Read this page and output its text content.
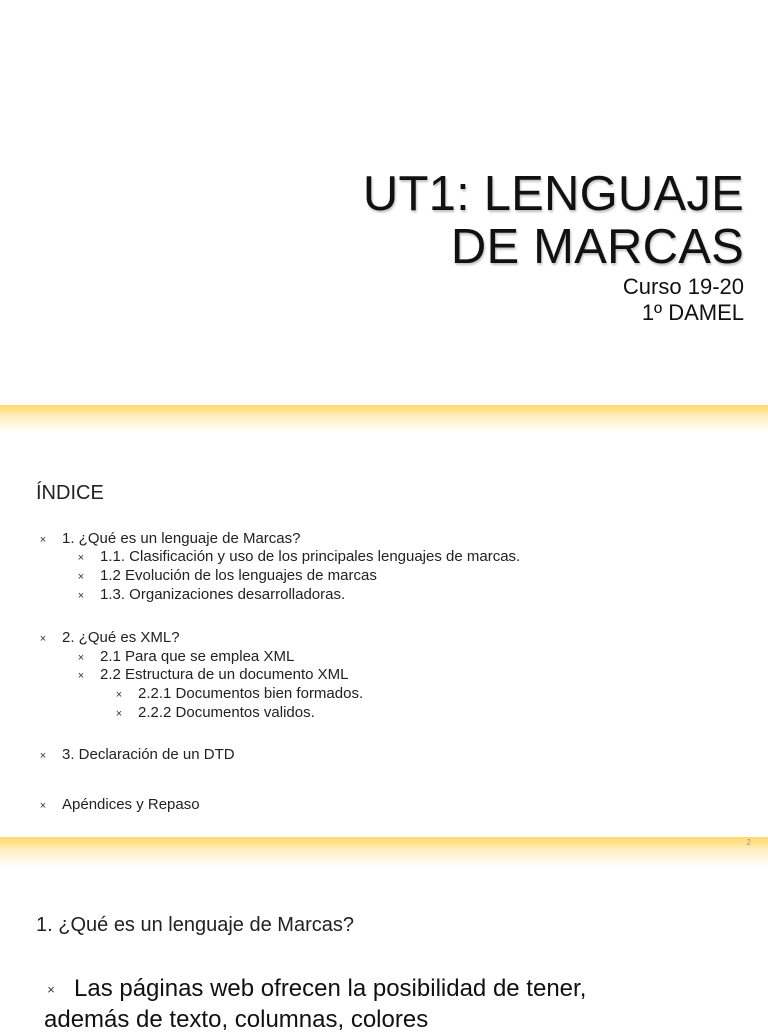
UT1: LENGUAJE
DE MARCAS
Curso 19-20
1º DAMEL
ÍNDICE
× 1. ¿Qué es un lenguaje de Marcas?
× 1.1. Clasificación y uso de los principales lenguajes de marcas.
× 1.2 Evolución de los lenguajes de marcas
× 1.3. Organizaciones desarrolladoras.
× 2. ¿Qué es XML?
× 2.1 Para que se emplea XML
× 2.2 Estructura de un documento XML
× 2.2.1 Documentos bien formados.
× 2.2.2 Documentos validos.
× 3. Declaración de un DTD
× Apéndices y Repaso
2
1. ¿Qué es un lenguaje de Marcas?
× Las páginas web ofrecen la posibilidad de tener, además de texto, columnas, colores
